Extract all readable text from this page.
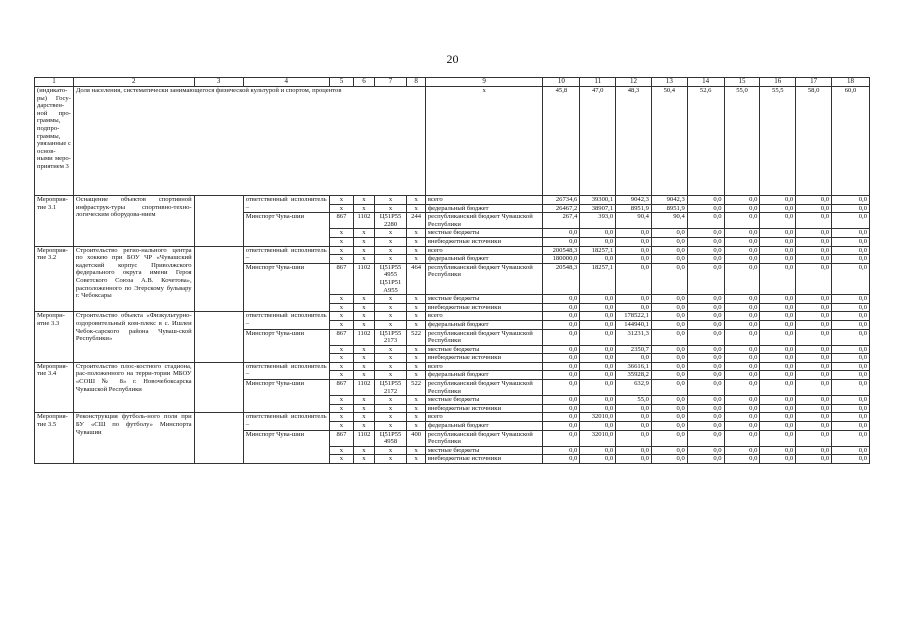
20
1	2	3	4	5	6	7	8	9	10	11	12	13	14	15	16	17	18
(индикато-ры) Госу-дарствен-ной про-граммы, подпро-граммы, увязанные с основ-ными меро-приятием 3	Доля населения, систематически занимающегося физической культурой и спортом, процентов							x	45,8	47,0	48,3	50,4	52,6	55,0	55,5	58,0	60,0
Мероприя-тие 3.1	Оснащение объектов спортивной инфраструк-туры спортивно-техно-логическим оборудова-нием		ответственный исполнитель –	x	x	x	x	всего	26734,6	39300,1	9042,3	9042,3	0,0	0,0	0,0	0,0	0,0
				x	x	x	x	федеральный бюджет	26467,2	38907,1	8951,9	8951,9	0,0	0,0	0,0	0,0	0,0
			Минспорт Чува-шии	867	1102	Ц51Р55 2280	244	республиканский бюджет Чувашской Республики	267,4	393,0	90,4	90,4	0,0	0,0	0,0	0,0	0,0
				x	x	x	x	местные бюджеты	0,0	0,0	0,0	0,0	0,0	0,0	0,0	0,0	0,0
				x	x	x	x	внебюджетные источники	0,0	0,0	0,0	0,0	0,0	0,0	0,0	0,0	0,0
Мероприя-тие 3.2	Строительство регио-нального центра по хоккею при БОУ ЧР «Чувашский кадетский корпус Приволжского федерального округа имени Героя Советского Союза А.В. Кочетова», расположенного по Эгерскому бульвару г. Чебоксары		ответственный исполнитель –	x	x	x	x	всего	200548,3	18257,1	0,0	0,0	0,0	0,0	0,0	0,0	0,0
				x	x	x	x	федеральный бюджет	180000,0	0,0	0,0	0,0	0,0	0,0	0,0	0,0	0,0
			Минспорт Чува-шии	867	1102	Ц51Р55 4955 Ц51Р51 А955	464	республиканский бюджет Чувашской Республики	20548,3	18257,1	0,0	0,0	0,0	0,0	0,0	0,0	0,0
				x	x	x	x	местные бюджеты	0,0	0,0	0,0	0,0	0,0	0,0	0,0	0,0	0,0
				x	x	x	x	внебюджетные источники	0,0	0,0	0,0	0,0	0,0	0,0	0,0	0,0	0,0
Меропри-ятие 3.3	Строительство объекта «Физкультурно-оздоровительный ком-плекс в с. Ишлеи Чебок-сарского района Чуваш-ской Республики»		ответственный исполнитель –	x	x	x	x	всего	0,0	0,0	178522,1	0,0	0,0	0,0	0,0	0,0	0,0
				x	x	x	x	федеральный бюджет	0,0	0,0	144940,1	0,0	0,0	0,0	0,0	0,0	0,0
			Минспорт Чува-шии	867	1102	Ц51Р55 2173	522	республиканский бюджет Чувашской Республики	0,0	0,0	31231,3	0,0	0,0	0,0	0,0	0,0	0,0
				x	x	x	x	местные бюджеты	0,0	0,0	2350,7	0,0	0,0	0,0	0,0	0,0	0,0
				x	x	x	x	внебюджетные источники	0,0	0,0	0,0	0,0	0,0	0,0	0,0	0,0	0,0
Мероприя-тие 3.4	Строительство плос-костного стадиона, рас-положенного на терри-тории МБОУ «СОШ № 8» г. Новочебоксарска Чувашской Республики		ответственный исполнитель –	x	x	x	x	всего	0,0	0,0	36616,1	0,0	0,0	0,0	0,0	0,0	0,0
				x	x	x	x	федеральный бюджет	0,0	0,0	35928,2	0,0	0,0	0,0	0,0	0,0	0,0
			Минспорт Чува-шии	867	1102	Ц51Р55 2172	522	республиканский бюджет Чувашской Республики	0,0	0,0	632,9	0,0	0,0	0,0	0,0	0,0	0,0
				x	x	x	x	местные бюджеты	0,0	0,0	55,0	0,0	0,0	0,0	0,0	0,0	0,0
				x	x	x	x	внебюджетные источники	0,0	0,0	0,0	0,0	0,0	0,0	0,0	0,0	0,0
Мероприя-тие 3.5	Реконструкция футболь-ного поля при БУ «СШ по футболу» Минспорта Чувашии		ответственный исполнитель –	x	x	x	x	всего	0,0	32010,0	0,0	0,0	0,0	0,0	0,0	0,0	0,0
				x	x	x	x	федеральный бюджет	0,0	0,0	0,0	0,0	0,0	0,0	0,0	0,0	0,0
			Минспорт Чува-шии	867	1102	Ц51Р55 4958	400	республиканский бюджет Чувашской Республики	0,0	32010,0	0,0	0,0	0,0	0,0	0,0	0,0	0,0
				x	x	x	x	местные бюджеты	0,0	0,0	0,0	0,0	0,0	0,0	0,0	0,0	0,0
				x	x	x	x	внебюджетные источники	0,0	0,0	0,0	0,0	0,0	0,0	0,0	0,0	0,0
